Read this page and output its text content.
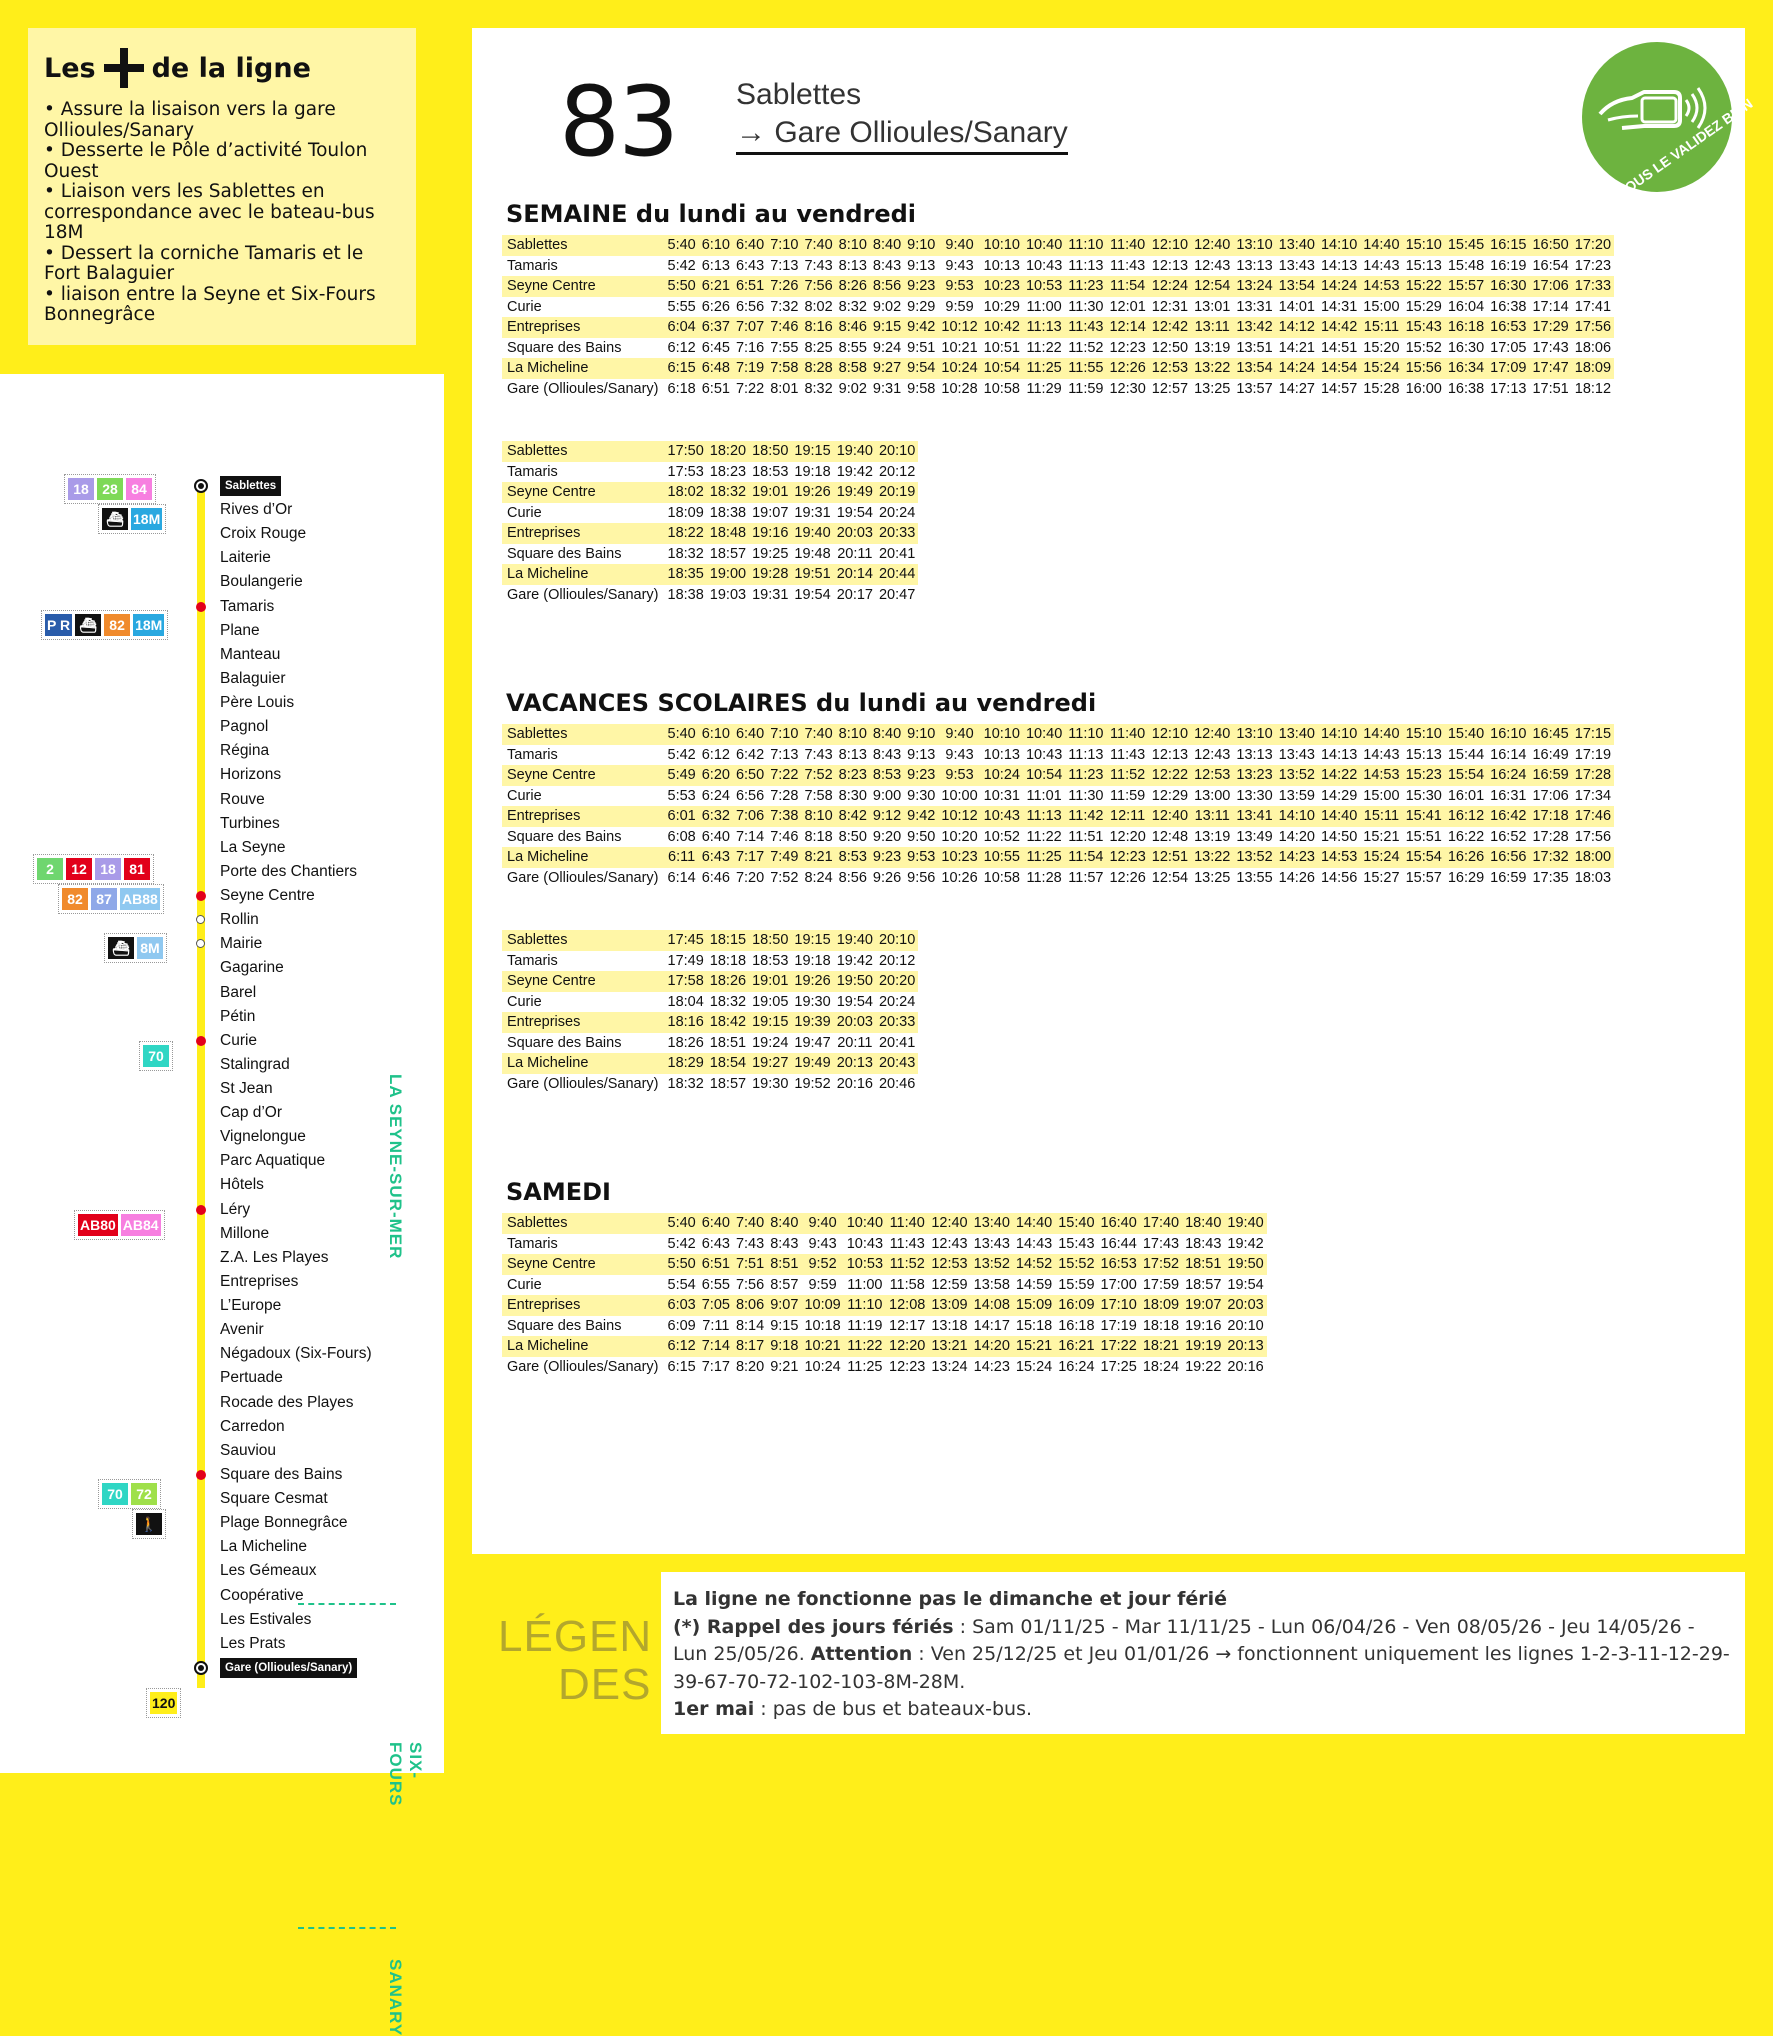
Les de la ligne
• Assure la lisaison vers la gare Ollioules/Sanary
• Desserte le Pôle d’activité Toulon Ouest
• Liaison vers les Sablettes en correspondance avec le bateau-bus 18M
• Dessert la corniche Tamaris et le Fort Balaguier
• liaison entre la Seyne et Six-Fours Bonnegrâce
Sablettes
Rives d’Or
Croix Rouge
Laiterie
Boulangerie
Tamaris
Plane
Manteau
Balaguier
Père Louis
Pagnol
Régina
Horizons
Rouve
Turbines
La Seyne
Porte des Chantiers
Seyne Centre
Rollin
Mairie
Gagarine
Barel
Pétin
Curie
Stalingrad
St Jean
Cap d’Or
Vignelongue
Parc Aquatique
Hôtels
Léry
Millone
Z.A. Les Playes
Entreprises
L’Europe
Avenir
Négadoux (Six-Fours)
Pertuade
Rocade des Playes
Carredon
Sauviou
Square des Bains
Square Cesmat
Plage Bonnegrâce
La Micheline
Les Gémeaux
Coopérative
Les Estivales
Les Prats
Gare (Ollioules/Sanary)
LA SEYNE-SUR-MER
SIX-FOURS
SANARY
18 28 84
⛴ 18M
P R ⛴ 82 18M
2	12 18 81
82 87 AB88
⛴ 8M
70
AB80 AB84
70 72
🚶
120
83 Sablettes
→ Gare Ollioules/Sanary	VOUS LE VALIDEZ BIEN
SEMAINE du lundi au vendredi
Sablettes	5:40	6:10	6:40	7:10	7:40	8:10	8:40	9:10	9:40	10:10	10:40	11:10	11:40	12:10	12:40	13:10	13:40	14:10	14:40	15:10	15:45	16:15	16:50	17:20
Tamaris	5:42	6:13	6:43	7:13	7:43	8:13	8:43	9:13	9:43	10:13	10:43	11:13	11:43	12:13	12:43	13:13	13:43	14:13	14:43	15:13	15:48	16:19	16:54	17:23
Seyne Centre	5:50	6:21	6:51	7:26	7:56	8:26	8:56	9:23	9:53	10:23	10:53	11:23	11:54	12:24	12:54	13:24	13:54	14:24	14:53	15:22	15:57	16:30	17:06	17:33
Curie	5:55	6:26	6:56	7:32	8:02	8:32	9:02	9:29	9:59	10:29	11:00	11:30	12:01	12:31	13:01	13:31	14:01	14:31	15:00	15:29	16:04	16:38	17:14	17:41
Entreprises	6:04	6:37	7:07	7:46	8:16	8:46	9:15	9:42	10:12	10:42	11:13	11:43	12:14	12:42	13:11	13:42	14:12	14:42	15:11	15:43	16:18	16:53	17:29	17:56
Square des Bains	6:12	6:45	7:16	7:55	8:25	8:55	9:24	9:51	10:21	10:51	11:22	11:52	12:23	12:50	13:19	13:51	14:21	14:51	15:20	15:52	16:30	17:05	17:43	18:06
La Micheline	6:15	6:48	7:19	7:58	8:28	8:58	9:27	9:54	10:24	10:54	11:25	11:55	12:26	12:53	13:22	13:54	14:24	14:54	15:24	15:56	16:34	17:09	17:47	18:09
Gare (Ollioules/Sanary)	6:18	6:51	7:22	8:01	8:32	9:02	9:31	9:58	10:28	10:58	11:29	11:59	12:30	12:57	13:25	13:57	14:27	14:57	15:28	16:00	16:38	17:13	17:51	18:12
Sablettes	17:50	18:20	18:50	19:15	19:40	20:10
Tamaris	17:53	18:23	18:53	19:18	19:42	20:12
Seyne Centre	18:02	18:32	19:01	19:26	19:49	20:19
Curie	18:09	18:38	19:07	19:31	19:54	20:24
Entreprises	18:22	18:48	19:16	19:40	20:03	20:33
Square des Bains	18:32	18:57	19:25	19:48	20:11	20:41
La Micheline	18:35	19:00	19:28	19:51	20:14	20:44
Gare (Ollioules/Sanary)	18:38	19:03	19:31	19:54	20:17	20:47
VACANCES SCOLAIRES du lundi au vendredi
Sablettes	5:40	6:10	6:40	7:10	7:40	8:10	8:40	9:10	9:40	10:10	10:40	11:10	11:40	12:10	12:40	13:10	13:40	14:10	14:40	15:10	15:40	16:10	16:45	17:15
Tamaris	5:42	6:12	6:42	7:13	7:43	8:13	8:43	9:13	9:43	10:13	10:43	11:13	11:43	12:13	12:43	13:13	13:43	14:13	14:43	15:13	15:44	16:14	16:49	17:19
Seyne Centre	5:49	6:20	6:50	7:22	7:52	8:23	8:53	9:23	9:53	10:24	10:54	11:23	11:52	12:22	12:53	13:23	13:52	14:22	14:53	15:23	15:54	16:24	16:59	17:28
Curie	5:53	6:24	6:56	7:28	7:58	8:30	9:00	9:30	10:00	10:31	11:01	11:30	11:59	12:29	13:00	13:30	13:59	14:29	15:00	15:30	16:01	16:31	17:06	17:34
Entreprises	6:01	6:32	7:06	7:38	8:10	8:42	9:12	9:42	10:12	10:43	11:13	11:42	12:11	12:40	13:11	13:41	14:10	14:40	15:11	15:41	16:12	16:42	17:18	17:46
Square des Bains	6:08	6:40	7:14	7:46	8:18	8:50	9:20	9:50	10:20	10:52	11:22	11:51	12:20	12:48	13:19	13:49	14:20	14:50	15:21	15:51	16:22	16:52	17:28	17:56
La Micheline	6:11	6:43	7:17	7:49	8:21	8:53	9:23	9:53	10:23	10:55	11:25	11:54	12:23	12:51	13:22	13:52	14:23	14:53	15:24	15:54	16:26	16:56	17:32	18:00
Gare (Ollioules/Sanary)	6:14	6:46	7:20	7:52	8:24	8:56	9:26	9:56	10:26	10:58	11:28	11:57	12:26	12:54	13:25	13:55	14:26	14:56	15:27	15:57	16:29	16:59	17:35	18:03
Sablettes	17:45	18:15	18:50	19:15	19:40	20:10
Tamaris	17:49	18:18	18:53	19:18	19:42	20:12
Seyne Centre	17:58	18:26	19:01	19:26	19:50	20:20
Curie	18:04	18:32	19:05	19:30	19:54	20:24
Entreprises	18:16	18:42	19:15	19:39	20:03	20:33
Square des Bains	18:26	18:51	19:24	19:47	20:11	20:41
La Micheline	18:29	18:54	19:27	19:49	20:13	20:43
Gare (Ollioules/Sanary)	18:32	18:57	19:30	19:52	20:16	20:46
SAMEDI
Sablettes	5:40	6:40	7:40	8:40	9:40	10:40	11:40	12:40	13:40	14:40	15:40	16:40	17:40	18:40	19:40
Tamaris	5:42	6:43	7:43	8:43	9:43	10:43	11:43	12:43	13:43	14:43	15:43	16:44	17:43	18:43	19:42
Seyne Centre	5:50	6:51	7:51	8:51	9:52	10:53	11:52	12:53	13:52	14:52	15:52	16:53	17:52	18:51	19:50
Curie	5:54	6:55	7:56	8:57	9:59	11:00	11:58	12:59	13:58	14:59	15:59	17:00	17:59	18:57	19:54
Entreprises	6:03	7:05	8:06	9:07	10:09	11:10	12:08	13:09	14:08	15:09	16:09	17:10	18:09	19:07	20:03
Square des Bains	6:09	7:11	8:14	9:15	10:18	11:19	12:17	13:18	14:17	15:18	16:18	17:19	18:18	19:16	20:10
La Micheline	6:12	7:14	8:17	9:18	10:21	11:22	12:20	13:21	14:20	15:21	16:21	17:22	18:21	19:19	20:13
Gare (Ollioules/Sanary)	6:15	7:17	8:20	9:21	10:24	11:25	12:23	13:24	14:23	15:24	16:24	17:25	18:24	19:22	20:16
LÉGEN
DES
La ligne ne fonctionne pas le dimanche et jour férié
(*) Rappel des jours fériés : Sam 01/11/25 - Mar 11/11/25 - Lun 06/04/26 - Ven 08/05/26 - Jeu 14/05/26 - Lun 25/05/26. Attention : Ven 25/12/25 et Jeu 01/01/26 → fonctionnent uniquement les lignes 1-2-3-11-12-29-39-67-70-72-102-103-8M-28M.
1er mai : pas de bus et bateaux-bus.
